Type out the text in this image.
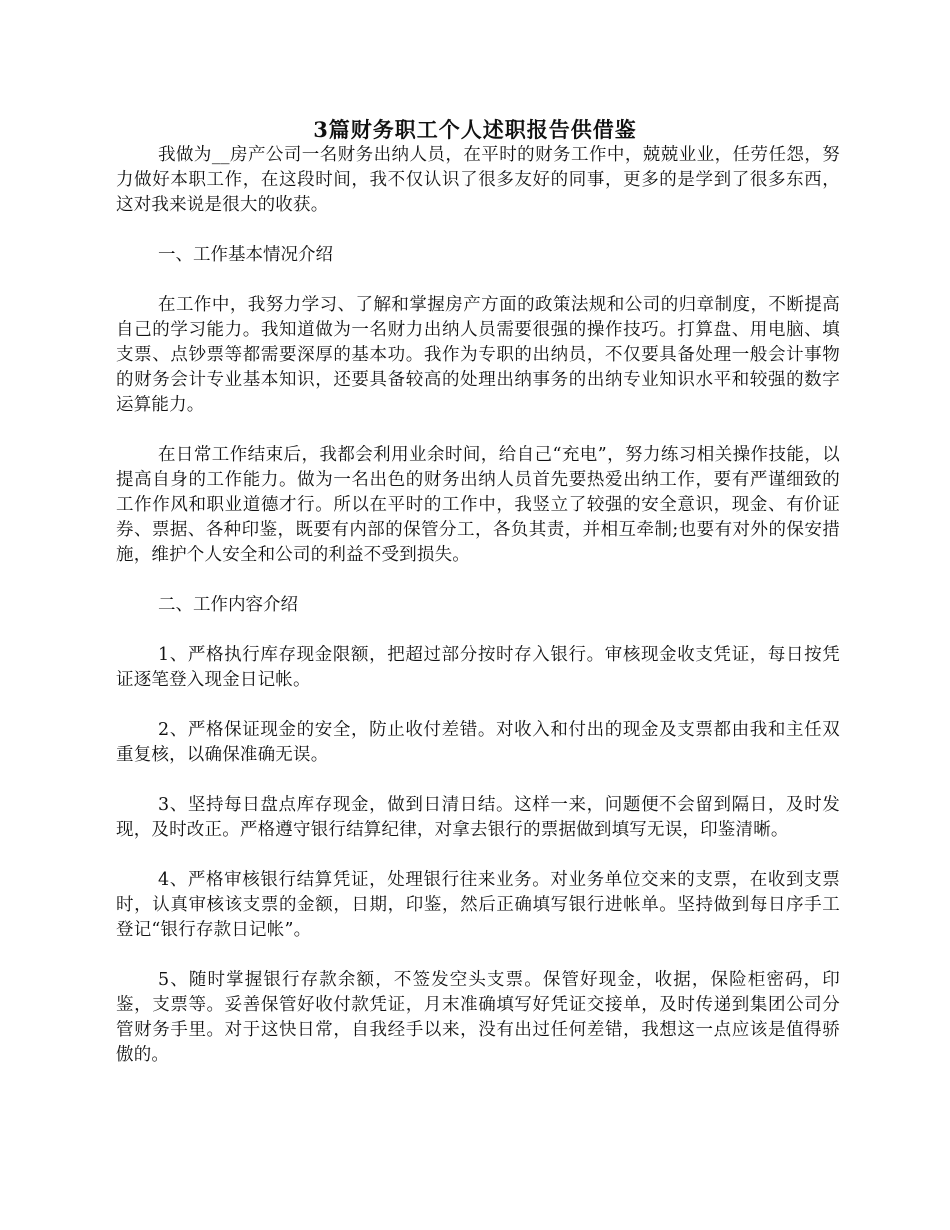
3篇财务职工个人述职报告供借鉴

我做为__房产公司一名财务出纳人员，在平时的财务工作中，兢兢业业，任劳任怨，努力做好本职工作，在这段时间，我不仅认识了很多友好的同事，更多的是学到了很多东西，这对我来说是很大的收获。

一、工作基本情况介绍

在工作中，我努力学习、了解和掌握房产方面的政策法规和公司的归章制度，不断提高自己的学习能力。我知道做为一名财力出纳人员需要很强的操作技巧。打算盘、用电脑、填支票、点钞票等都需要深厚的基本功。我作为专职的出纳员，不仅要具备处理一般会计事物的财务会计专业基本知识，还要具备较高的处理出纳事务的出纳专业知识水平和较强的数字运算能力。

在日常工作结束后，我都会利用业余时间，给自己“充电”，努力练习相关操作技能，以提高自身的工作能力。做为一名出色的财务出纳人员首先要热爱出纳工作，要有严谨细致的工作作风和职业道德才行。所以在平时的工作中，我竖立了较强的安全意识，现金、有价证券、票据、各种印鉴，既要有内部的保管分工，各负其责，并相互牵制;也要有对外的保安措施，维护个人安全和公司的利益不受到损失。

二、工作内容介绍

1、严格执行库存现金限额，把超过部分按时存入银行。审核现金收支凭证，每日按凭证逐笔登入现金日记帐。

2、严格保证现金的安全，防止收付差错。对收入和付出的现金及支票都由我和主任双重复核，以确保准确无误。

3、坚持每日盘点库存现金，做到日清日结。这样一来，问题便不会留到隔日，及时发现，及时改正。严格遵守银行结算纪律，对拿去银行的票据做到填写无误，印鉴清晰。

4、严格审核银行结算凭证，处理银行往来业务。对业务单位交来的支票，在收到支票时，认真审核该支票的金额，日期，印鉴，然后正确填写银行进帐单。坚持做到每日序手工登记“银行存款日记帐”。

5、随时掌握银行存款余额，不签发空头支票。保管好现金，收据，保险柜密码，印鉴，支票等。妥善保管好收付款凭证，月末准确填写好凭证交接单，及时传递到集团公司分管财务手里。对于这快日常，自我经手以来，没有出过任何差错，我想这一点应该是值得骄傲的。
